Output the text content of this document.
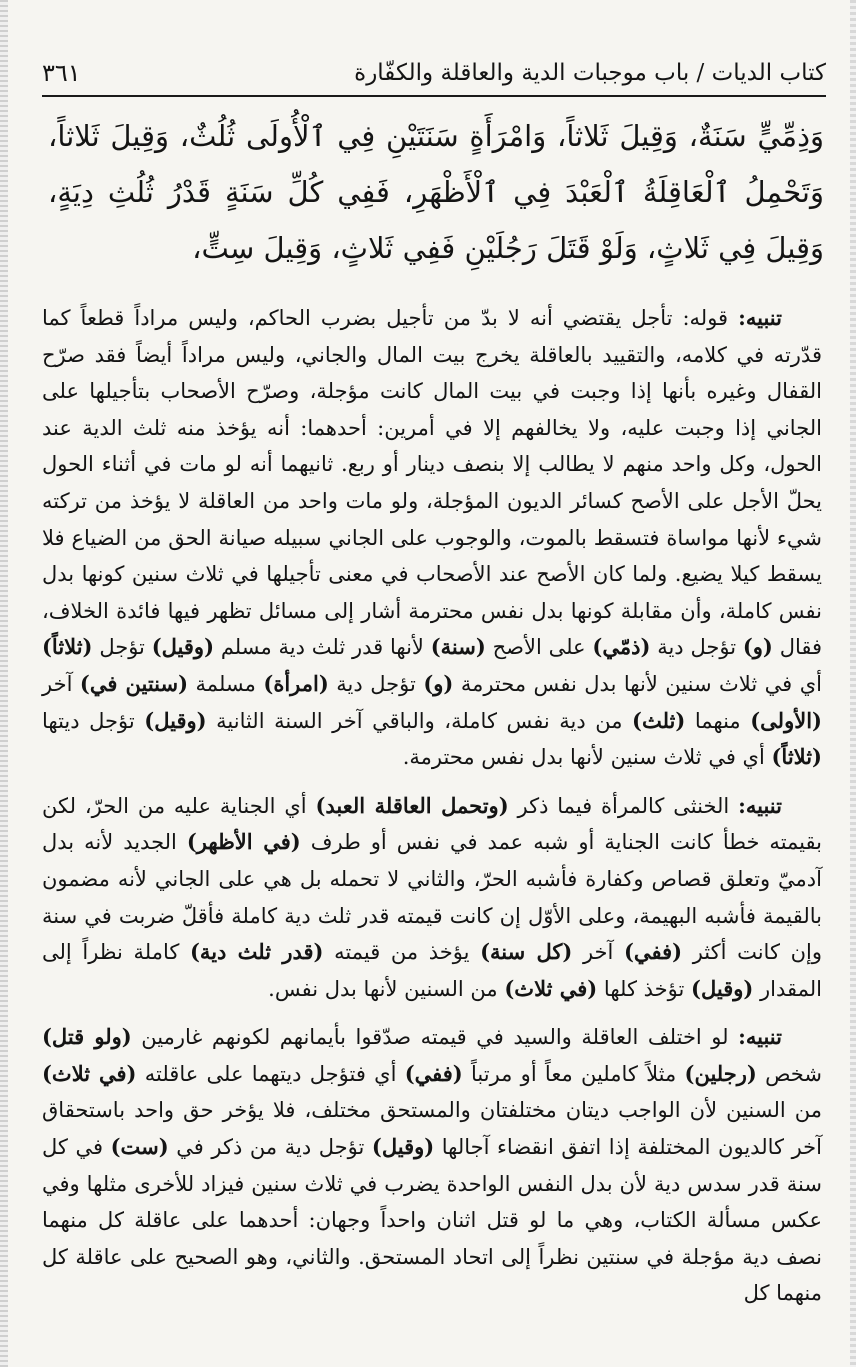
كتاب الديات / باب موجبات الدية والعاقلة والكفّارة
٣٦١
وَذِمِّيٍّ سَنَةٌ، وَقِيلَ ثَلاثاً، وَامْرَأَةٍ سَنَتَيْنِ فِي ٱلْأُولَى ثُلُثٌ، وَقِيلَ ثَلاثاً، وَتَحْمِلُ ٱلْعَاقِلَةُ ٱلْعَبْدَ فِي ٱلْأَظْهَرِ، فَفِي كُلِّ سَنَةٍ قَدْرُ ثُلُثِ دِيَةٍ، وَقِيلَ فِي ثَلاثٍ، وَلَوْ قَتَلَ رَجُلَيْنِ فَفِي ثَلاثٍ، وَقِيلَ سِتٍّ،

تنبيه: قوله: تأجل يقتضي أنه لا بدّ من تأجيل بضرب الحاكم، وليس مراداً قطعاً كما قدّرته في كلامه، والتقييد بالعاقلة يخرج بيت المال والجاني، وليس مراداً أيضاً فقد صرّح القفال وغيره بأنها إذا وجبت في بيت المال كانت مؤجلة، وصرّح الأصحاب بتأجيلها على الجاني إذا وجبت عليه، ولا يخالفهم إلا في أمرين: أحدهما: أنه يؤخذ منه ثلث الدية عند الحول، وكل واحد منهم لا يطالب إلا بنصف دينار أو ربع. ثانيهما أنه لو مات في أثناء الحول يحلّ الأجل على الأصح كسائر الديون المؤجلة، ولو مات واحد من العاقلة لا يؤخذ من تركته شيء لأنها مواساة فتسقط بالموت، والوجوب على الجاني سبيله صيانة الحق من الضياع فلا يسقط كيلا يضيع. ولما كان الأصح عند الأصحاب في معنى تأجيلها في ثلاث سنين كونها بدل نفس كاملة، وأن مقابلة كونها بدل نفس محترمة أشار إلى مسائل تظهر فيها فائدة الخلاف، فقال (و) تؤجل دية (ذمّي) على الأصح (سنة) لأنها قدر ثلث دية مسلم (وقيل) تؤجل (ثلاثاً) أي في ثلاث سنين لأنها بدل نفس محترمة (و) تؤجل دية (امرأة) مسلمة (سنتين في) آخر (الأولى) منهما (ثلث) من دية نفس كاملة، والباقي آخر السنة الثانية (وقيل) تؤجل ديتها (ثلاثاً) أي في ثلاث سنين لأنها بدل نفس محترمة.

تنبيه: الخنثى كالمرأة فيما ذكر (وتحمل العاقلة العبد) أي الجناية عليه من الحرّ، لكن بقيمته خطأ كانت الجناية أو شبه عمد في نفس أو طرف (في الأظهر) الجديد لأنه بدل آدميّ وتعلق قصاص وكفارة فأشبه الحرّ، والثاني لا تحمله بل هي على الجاني لأنه مضمون بالقيمة فأشبه البهيمة، وعلى الأوّل إن كانت قيمته قدر ثلث دية كاملة فأقلّ ضربت في سنة وإن كانت أكثر (ففي) آخر (كل سنة) يؤخذ من قيمته (قدر ثلث دية) كاملة نظراً إلى المقدار (وقيل) تؤخذ كلها (في ثلاث) من السنين لأنها بدل نفس.

تنبيه: لو اختلف العاقلة والسيد في قيمته صدّقوا بأيمانهم لكونهم غارمين (ولو قتل) شخص (رجلين) مثلاً كاملين معاً أو مرتباً (ففي) أي فتؤجل ديتهما على عاقلته (في ثلاث) من السنين لأن الواجب ديتان مختلفتان والمستحق مختلف، فلا يؤخر حق واحد باستحقاق آخر كالديون المختلفة إذا اتفق انقضاء آجالها (وقيل) تؤجل دية من ذكر في (ست) في كل سنة قدر سدس دية لأن بدل النفس الواحدة يضرب في ثلاث سنين فيزاد للأخرى مثلها وفي عكس مسألة الكتاب، وهي ما لو قتل اثنان واحداً وجهان: أحدهما على عاقلة كل منهما نصف دية مؤجلة في سنتين نظراً إلى اتحاد المستحق. والثاني، وهو الصحيح على عاقلة كل منهما كل
